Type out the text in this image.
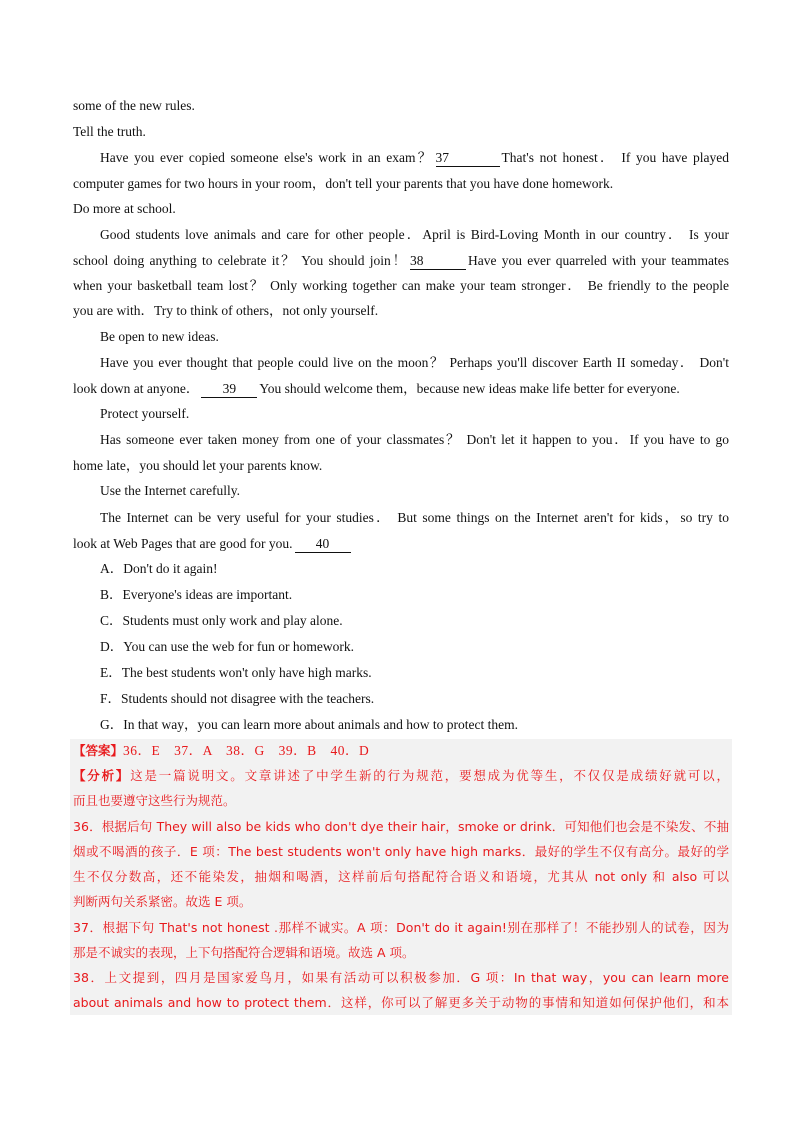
some of the new rules.
Tell the truth.
Have you ever copied someone else's work in an exam？ 37	That's not honest． If you have played
computer games for two hours in your room，don't tell your parents that you have done homework.
Do more at school.
Good students love animals and care for other people．April is Bird-Loving Month in our country． Is your
school doing anything to celebrate it？ You should join！ 38	Have you ever quarreled with your teammates
when your basketball team lost？ Only working together can make your team stronger． Be friendly to the people
you are with．Try to think of others，not only yourself.
Be open to new ideas.
Have you ever thought that people could live on the moon？ Perhaps you'll discover Earth II someday． Don't
look down at anyone． 39 You should welcome them，because new ideas make life better for everyone.
Protect yourself.
Has someone ever taken money from one of your classmates？ Don't let it happen to you．If you have to go
home late，you should let your parents know.
Use the Internet carefully.
The Internet can be very useful for your studies． But some things on the Internet aren't for kids，so try to
look at Web Pages that are good for you. 40
A．Don't do it again!
B．Everyone's ideas are important.
C．Students must only work and play alone.
D．You can use the web for fun or homework.
E．The best students won't only have high marks.
F．Students should not disagree with the teachers.
G．In that way，you can learn more about animals and how to protect them.
【答案】36．E 37．A 38．G 39．B 40．D
【分析】这是一篇说明文。文章讲述了中学生新的行为规范，要想成为优等生，不仅仅是成绩好就可以，
而且也要遵守这些行为规范。
36．根据后句 They will also be kids who don't dye their hair，smoke or drink．可知他们也会是不染发、不抽
烟或不喝酒的孩子．E 项：The best students won't only have high marks．最好的学生不仅有高分。最好的学
生不仅分数高，还不能染发，抽烟和喝酒，这样前后句搭配符合语义和语境，尤其从 not only 和 also 可以
判断两句关系紧密。故选 E 项。
37．根据下句 That's not honest .那样不诚实。A 项：Don't do it again!别在那样了！不能抄别人的试卷，因为
那是不诚实的表现，上下句搭配符合逻辑和语境。故选 A 项。
38．上文提到，四月是国家爱鸟月，如果有活动可以积极参加．G 项：In that way，you can learn more
about animals and how to protect them．这样，你可以了解更多关于动物的事情和知道如何保护他们，和本
